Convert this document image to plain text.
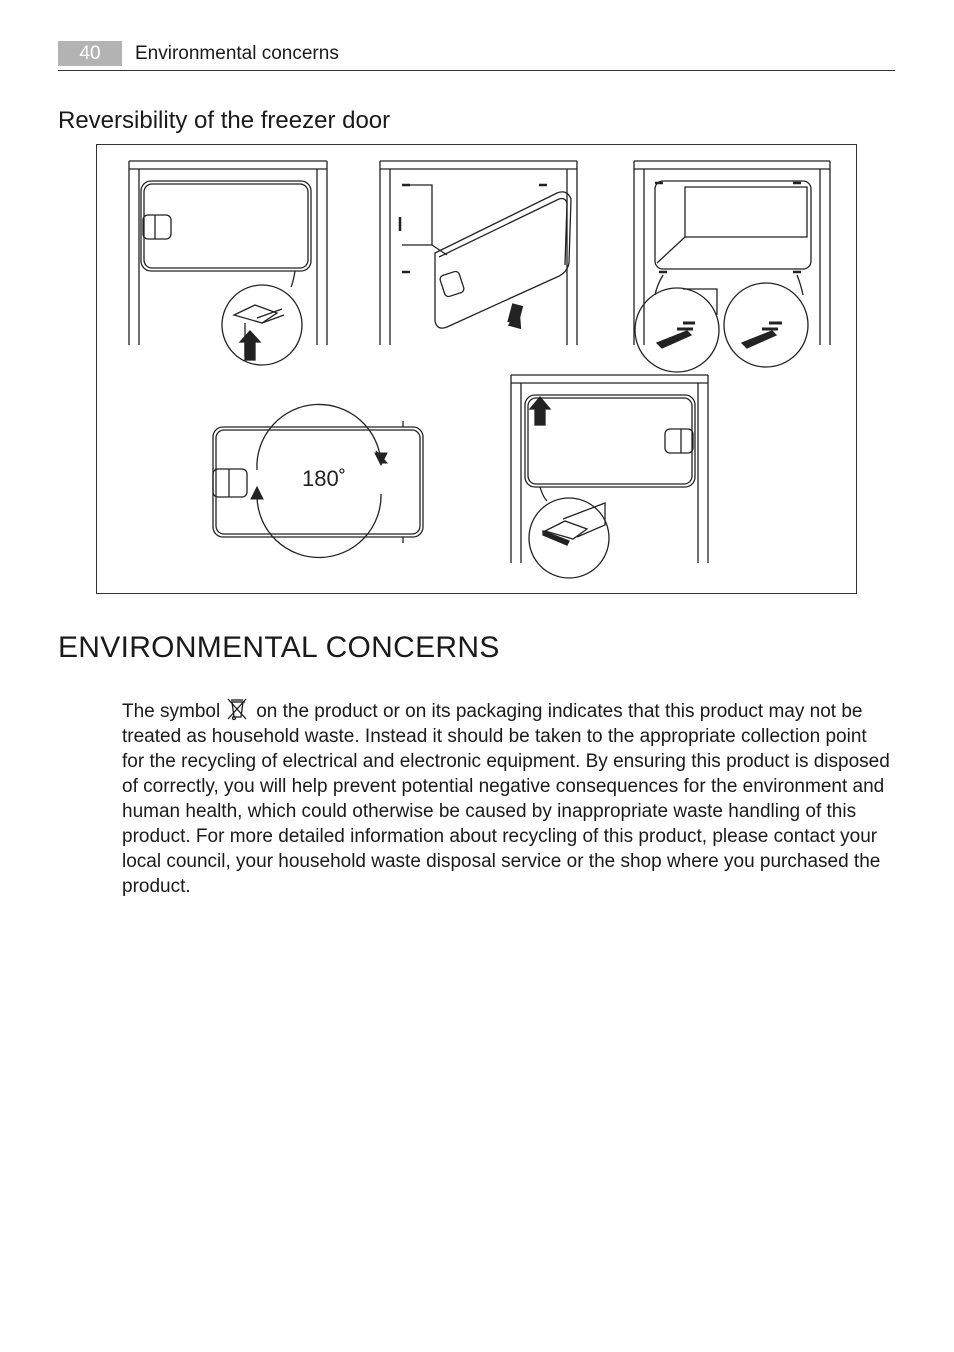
40	Environmental concerns
Reversibility of the freezer door
180˚
ENVIRONMENTAL CONCERNS

The symbol on the product or on its packaging indicates that this product may not be treated as household waste. Instead it should be taken to the appropriate collection point for the recycling of electrical and electronic equipment. By ensuring this product is disposed of correctly, you will help prevent potential negative consequences for the environment and human health, which could otherwise be caused by inappropriate waste handling of this product. For more detailed information about recycling of this product, please contact your local council, your household waste disposal service or the shop where you purchased the product.
